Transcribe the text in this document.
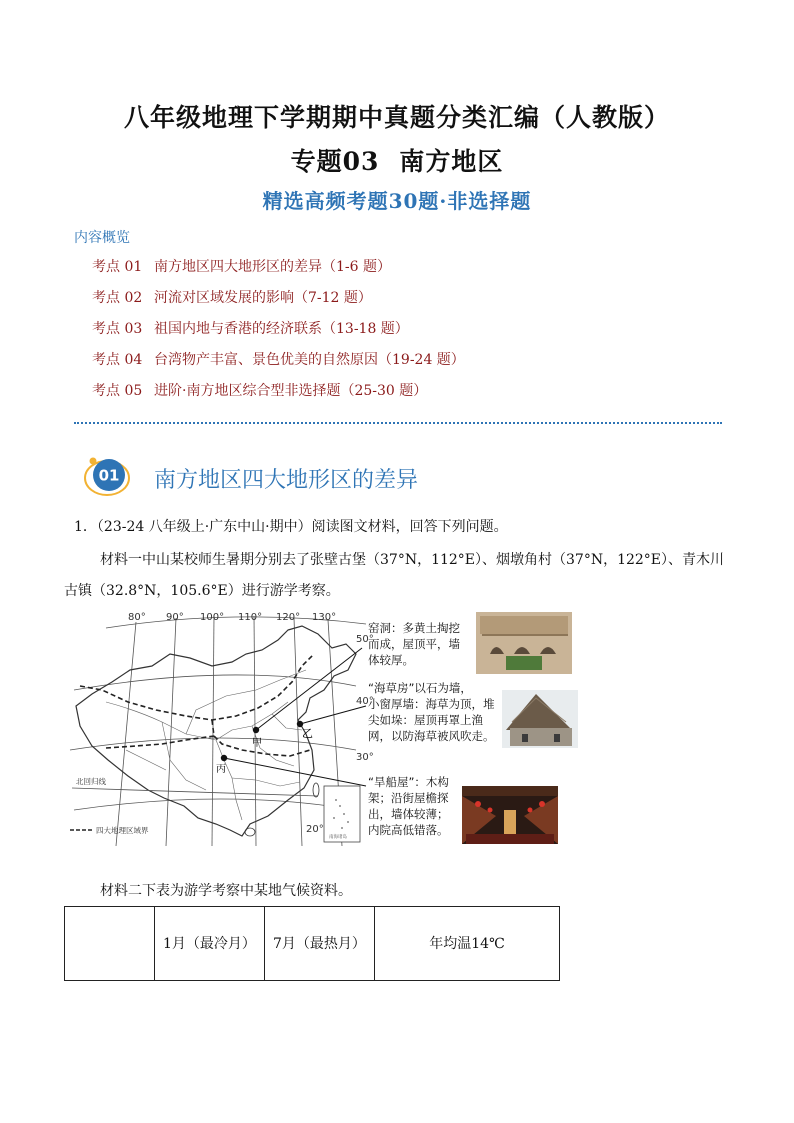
八年级地理下学期期中真题分类汇编（人教版）
专题03 南方地区
精选高频考题30题·非选择题
内容概览
考点 01 南方地区四大地形区的差异（1-6 题）
考点 02 河流对区域发展的影响（7-12 题）
考点 03 祖国内地与香港的经济联系（13-18 题）
考点 04 台湾物产丰富、景色优美的自然原因（19-24 题）
考点 05 进阶·南方地区综合型非选择题（25-30 题）
01 南方地区四大地形区的差异
1．（23-24 八年级上·广东中山·期中）阅读图文材料，回答下列问题。
材料一中山某校师生暑期分别去了张壁古堡（37°N，112°E）、烟墩角村（37°N，122°E）、青木川古镇（32.8°N，105.6°E）进行游学考察。
80° 90° 100° 110° 120° 130°
50°
40°
30°
20°
北回归线
四大地理区域界
南海诸岛
甲
乙
丙
窑洞：多黄土掏挖
而成，屋顶平，墙
体较厚。
“海草房”以石为墙，
小窗厚墙：海草为顶，堆
尖如垛：屋顶再罩上渔
网，以防海草被风吹走。
“旱船屋”：木构
架；沿街屋檐探
出，墙体较薄；
内院高低错落。
材料二下表为游学考察中某地气候资料。
	1月（最冷月）	7月（最热月）	年均温14℃
